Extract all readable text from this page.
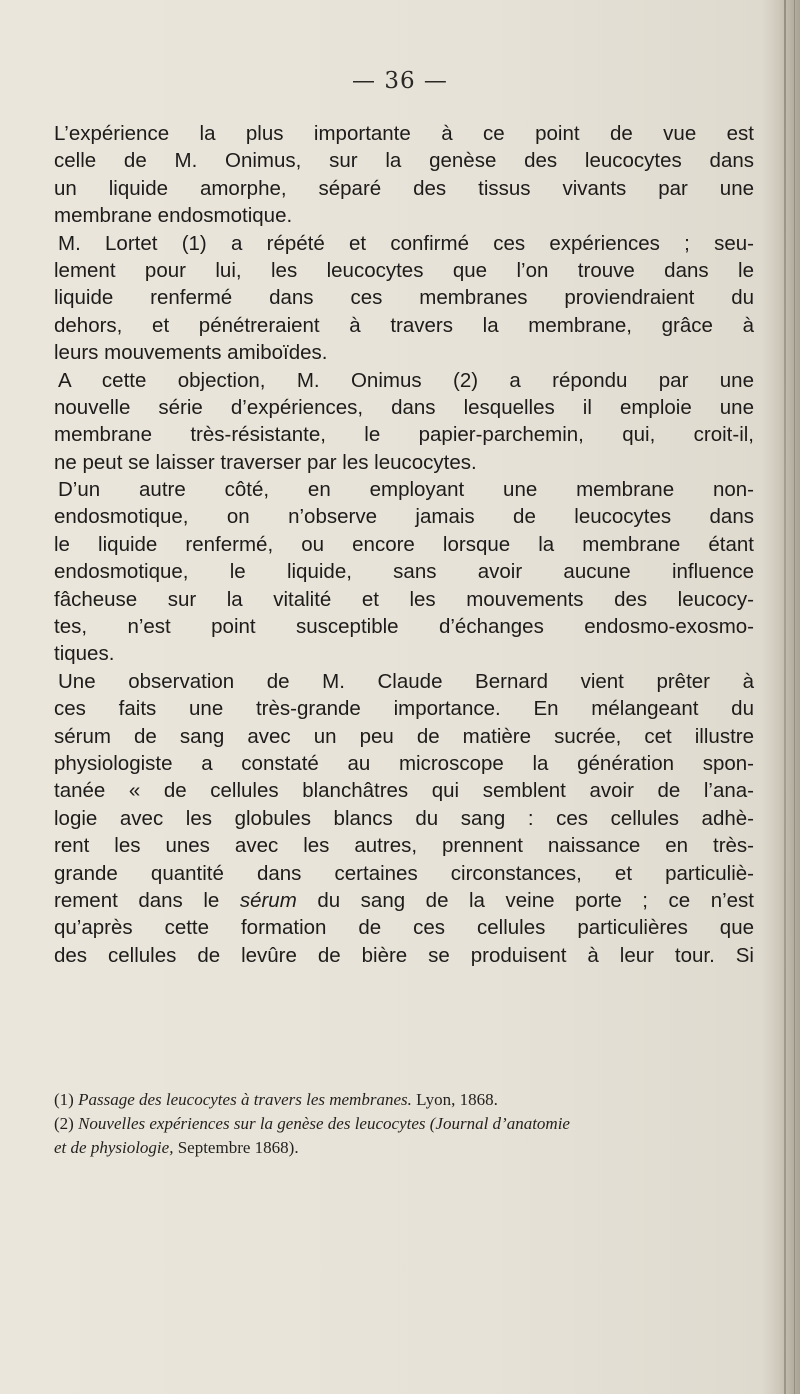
— 36 —
L’expérience la plus importante à ce point de vue est
celle de M. Onimus, sur la genèse des leucocytes dans
un liquide amorphe, séparé des tissus vivants par une
membrane endosmotique.
M. Lortet (1) a répété et confirmé ces expériences ; seu-
lement pour lui, les leucocytes que l’on trouve dans le
liquide renfermé dans ces membranes proviendraient du
dehors, et pénétreraient à travers la membrane, grâce à
leurs mouvements amiboïdes.
A cette objection, M. Onimus (2) a répondu par une
nouvelle série d’expériences, dans lesquelles il emploie une
membrane très-résistante, le papier-parchemin, qui, croit-il,
ne peut se laisser traverser par les leucocytes.
D’un autre côté, en employant une membrane non-
endosmotique, on n’observe jamais de leucocytes dans
le liquide renfermé, ou encore lorsque la membrane étant
endosmotique, le liquide, sans avoir aucune influence
fâcheuse sur la vitalité et les mouvements des leucocy-
tes, n’est point susceptible d’échanges endosmo-exosmo-
tiques.
Une observation de M. Claude Bernard vient prêter à
ces faits une très-grande importance. En mélangeant du
sérum de sang avec un peu de matière sucrée, cet illustre
physiologiste a constaté au microscope la génération spon-
tanée « de cellules blanchâtres qui semblent avoir de l’ana-
logie avec les globules blancs du sang : ces cellules adhè-
rent les unes avec les autres, prennent naissance en très-
grande quantité dans certaines circonstances, et particuliè-
rement dans le sérum du sang de la veine porte ; ce n’est
qu’après cette formation de ces cellules particulières que
des cellules de levûre de bière se produisent à leur tour. Si
(1) Passage des leucocytes à travers les membranes. Lyon, 1868.
(2) Nouvelles expériences sur la genèse des leucocytes (Journal d’anatomie
et de physiologie, Septembre 1868).
